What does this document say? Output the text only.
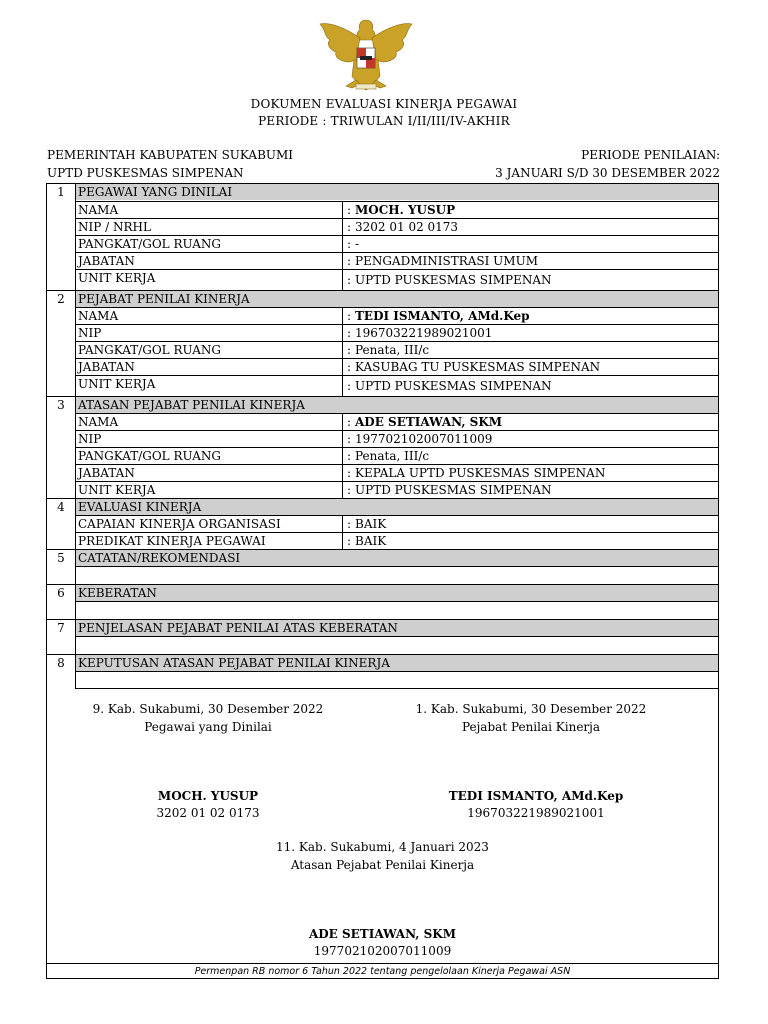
DOKUMEN EVALUASI KINERJA PEGAWAI
PERIODE : TRIWULAN I/II/III/IV-AKHIR
PEMERINTAH KABUPATEN SUKABUMI
UPTD PUSKESMAS SIMPENAN
PERIODE PENILAIAN:
3 JANUARI S/D 30 DESEMBER 2022
1	PEGAWAI YANG DINILAI
NAMA	: MOCH. YUSUP
NIP / NRHL	: 3202 01 02 0173
PANGKAT/GOL RUANG	: -
JABATAN	: PENGADMINISTRASI UMUM
UNIT KERJA	: UPTD PUSKESMAS SIMPENAN
2	PEJABAT PENILAI KINERJA
NAMA	: TEDI ISMANTO, AMd.Kep
NIP	: 196703221989021001
PANGKAT/GOL RUANG	: Penata, III/c
JABATAN	: KASUBAG TU PUSKESMAS SIMPENAN
UNIT KERJA	: UPTD PUSKESMAS SIMPENAN
3	ATASAN PEJABAT PENILAI KINERJA
NAMA	: ADE SETIAWAN, SKM
NIP	: 197702102007011009
PANGKAT/GOL RUANG	: Penata, III/c
JABATAN	: KEPALA UPTD PUSKESMAS SIMPENAN
UNIT KERJA	: UPTD PUSKESMAS SIMPENAN
4	EVALUASI KINERJA
CAPAIAN KINERJA ORGANISASI	: BAIK
PREDIKAT KINERJA PEGAWAI	: BAIK
5	CATATAN/REKOMENDASI
6	KEBERATAN
7	PENJELASAN PEJABAT PENILAI ATAS KEBERATAN
8	KEPUTUSAN ATASAN PEJABAT PENILAI KINERJA
9. Kab. Sukabumi, 30 Desember 2022
Pegawai yang Dinilai
MOCH. YUSUP
3202 01 02 0173
1. Kab. Sukabumi, 30 Desember 2022
Pejabat Penilai Kinerja
TEDI ISMANTO, AMd.Kep
196703221989021001
11. Kab. Sukabumi, 4 Januari 2023
Atasan Pejabat Penilai Kinerja
ADE SETIAWAN, SKM
197702102007011009
Permenpan RB nomor 6 Tahun 2022 tentang pengelolaan Kinerja Pegawai ASN
